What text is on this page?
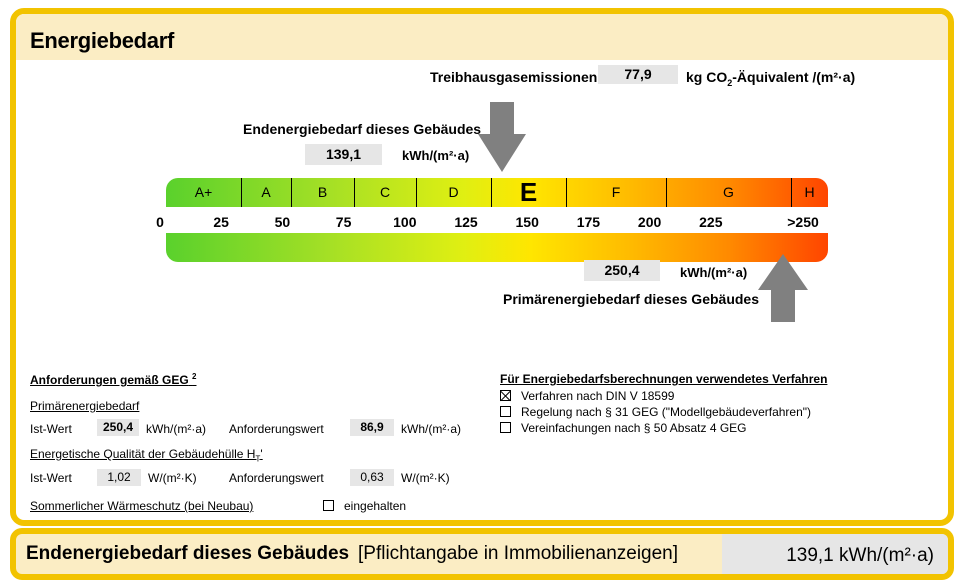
Energiebedarf
Treibhausgasemissionen	77,9	kg $CO_2$-Äquivalent /(m²·a)
Endenergiebedarf dieses Gebäudes
139,1	kWh/(m²·a)
A+	A	B	C	D	E	F	G	H
0	25	50	75	100	125	150	175	200	225	>250
250,4	kWh/(m²·a)
Primärenergiebedarf dieses Gebäudes
Anforderungen gemäß GEG $^2$
Primärenergiebedarf
Ist-Wert	250,4	kWh/(m²·a) Anforderungswert	86,9	kWh/(m²·a)
Energetische Qualität der Gebäudehülle $H_T'$
Ist-Wert	1,02	W/(m²·K)	Anforderungswert	0,63	W/(m²·K)
Sommerlicher Wärmeschutz (bei Neubau)	eingehalten
Für Energiebedarfsberechnungen verwendetes Verfahren
Verfahren nach DIN V 18599
Regelung nach § 31 GEG ("Modellgebäudeverfahren")
Vereinfachungen nach § 50 Absatz 4 GEG
Endenergiebedarf dieses Gebäudes [Pflichtangabe in Immobilienanzeigen]	139,1 kWh/(m²·a)
